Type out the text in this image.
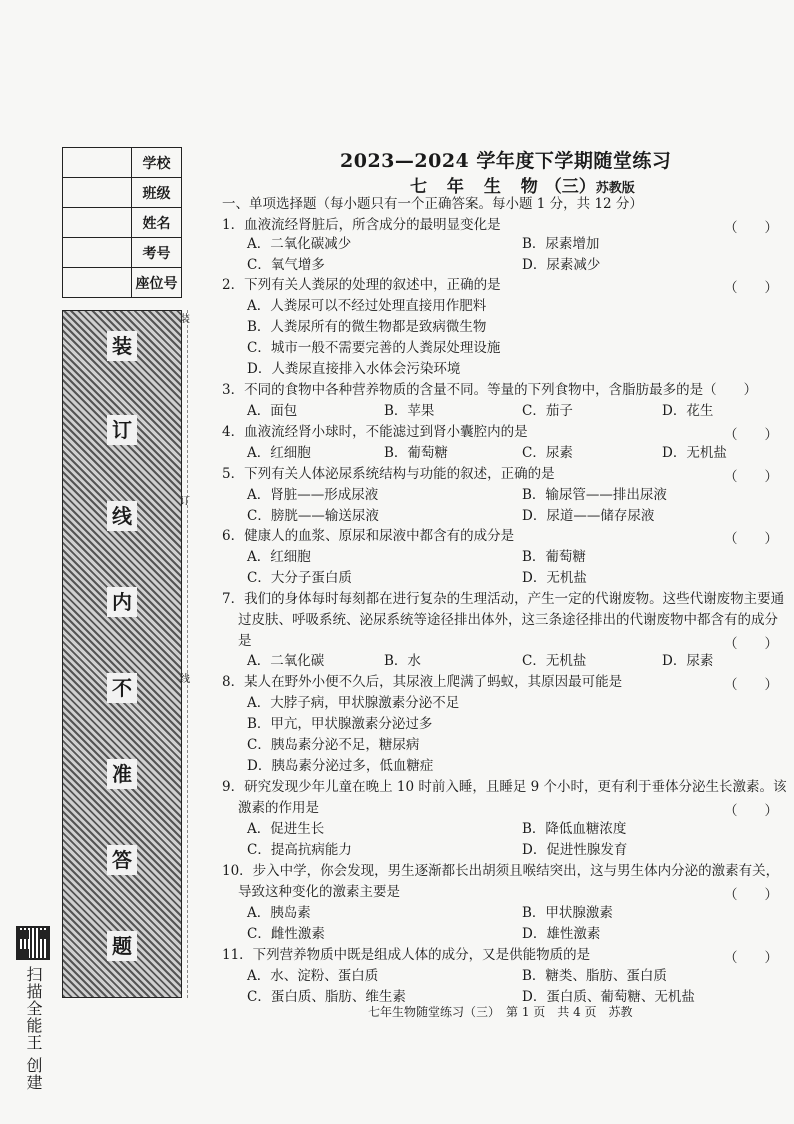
	学校
	班级
	姓名
	考号
	座位号
装
订
线
内
不
准
答
题
装
订
线
扫描全能王 创建
2023—2024 学年度下学期随堂练习
七 年 生 物（三）苏教版
一、单项选择题（每小题只有一个正确答案。每小题 1 分，共 12 分）
1．血液流经肾脏后，所含成分的最明显变化是	（　　）
A．二氧化碳减少	B．尿素增加
C．氧气增多	D．尿素减少
2．下列有关人粪尿的处理的叙述中，正确的是	（　　）
A．人粪尿可以不经过处理直接用作肥料
B．人粪尿所有的微生物都是致病微生物
C．城市一般不需要完善的人粪尿处理设施
D．人粪尿直接排入水体会污染环境
3．不同的食物中各种营养物质的含量不同。等量的下列食物中，含脂肪最多的是（　　）
A．面包	B．苹果	C．茄子	D．花生
4．血液流经肾小球时，不能滤过到肾小囊腔内的是	（　　）
A．红细胞	B．葡萄糖	C．尿素	D．无机盐
5．下列有关人体泌尿系统结构与功能的叙述，正确的是	（　　）
A．肾脏——形成尿液	B．输尿管——排出尿液
C．膀胱——输送尿液	D．尿道——储存尿液
6．健康人的血浆、原尿和尿液中都含有的成分是	（　　）
A．红细胞	B．葡萄糖
C．大分子蛋白质	D．无机盐
7．我们的身体每时每刻都在进行复杂的生理活动，产生一定的代谢废物。这些代谢废物主要通
过皮肤、呼吸系统、泌尿系统等途径排出体外，这三条途径排出的代谢废物中都含有的成分
是	（　　）
A．二氧化碳	B．水	C．无机盐	D．尿素
8．某人在野外小便不久后，其尿液上爬满了蚂蚁，其原因最可能是	（　　）
A．大脖子病，甲状腺激素分泌不足
B．甲亢，甲状腺激素分泌过多
C．胰岛素分泌不足，糖尿病
D．胰岛素分泌过多，低血糖症
9．研究发现少年儿童在晚上 10 时前入睡，且睡足 9 个小时，更有利于垂体分泌生长激素。该
激素的作用是	（　　）
A．促进生长	B．降低血糖浓度
C．提高抗病能力	D．促进性腺发育
10．步入中学，你会发现，男生逐渐都长出胡须且喉结突出，这与男生体内分泌的激素有关，
导致这种变化的激素主要是	（　　）
A．胰岛素	B．甲状腺激素
C．雌性激素	D．雄性激素
11．下列营养物质中既是组成人体的成分，又是供能物质的是	（　　）
A．水、淀粉、蛋白质	B．糖类、脂肪、蛋白质
C．蛋白质、脂肪、维生素	D．蛋白质、葡萄糖、无机盐
七年生物随堂练习（三）　第 1 页　共 4 页　苏教
